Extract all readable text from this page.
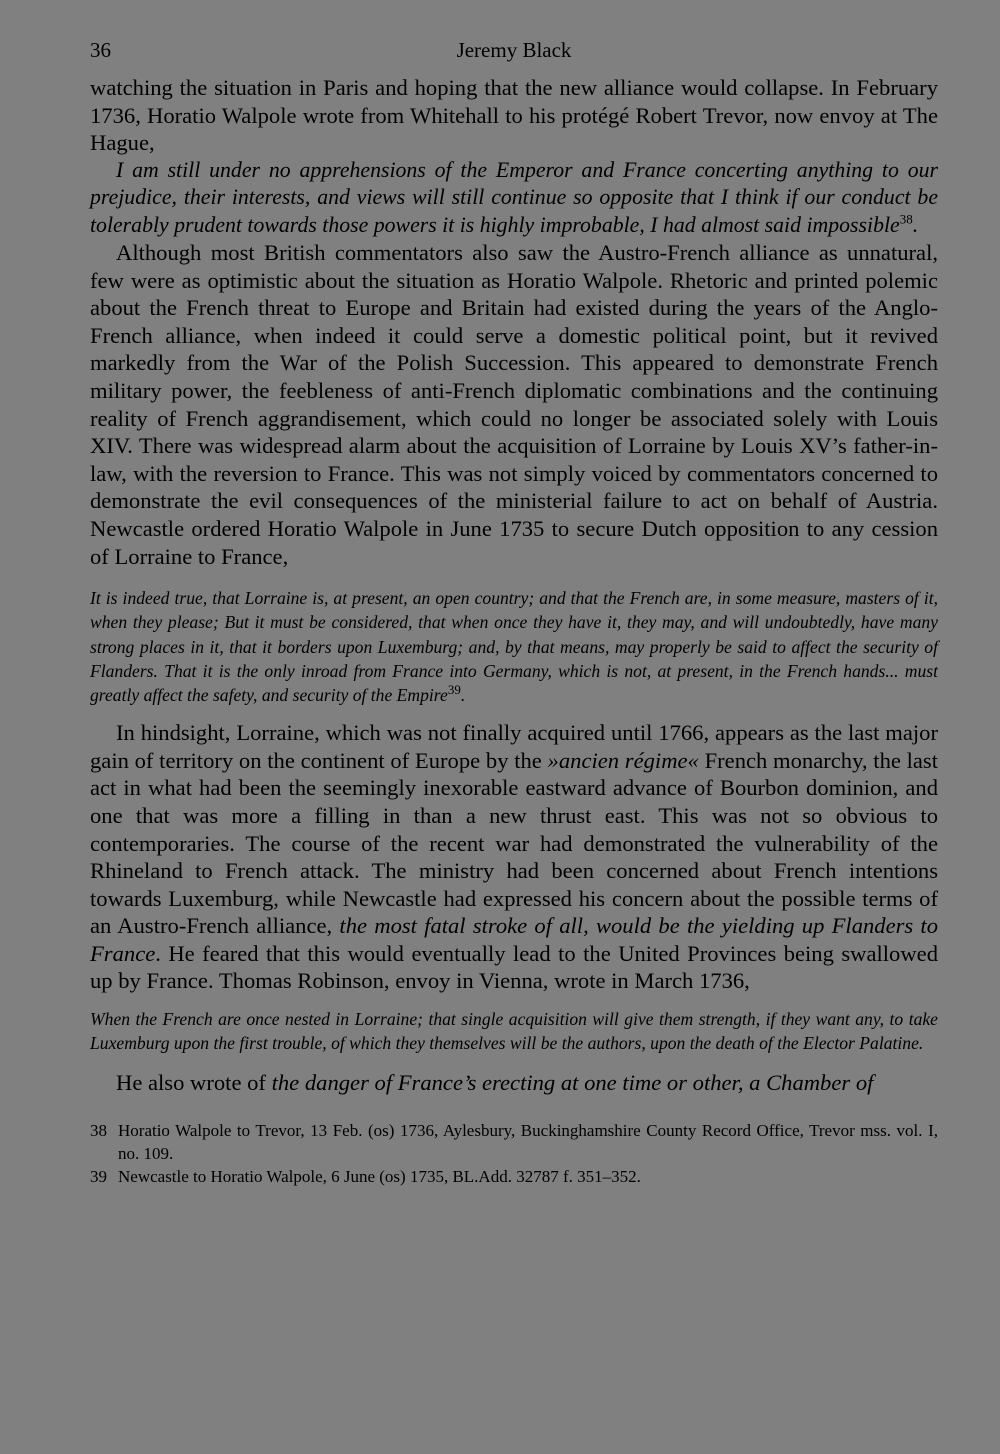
36	Jeremy Black

watching the situation in Paris and hoping that the new alliance would collapse. In February 1736, Horatio Walpole wrote from Whitehall to his protégé Robert Trevor, now envoy at The Hague,

I am still under no apprehensions of the Emperor and France concerting anything to our prejudice, their interests, and views will still continue so opposite that I think if our conduct be tolerably prudent towards those powers it is highly improbable, I had almost said impossible$^{38}$.

Although most British commentators also saw the Austro-French alliance as unnatural, few were as optimistic about the situation as Horatio Walpole. Rhetoric and printed polemic about the French threat to Europe and Britain had existed during the years of the Anglo-French alliance, when indeed it could serve a domestic political point, but it revived markedly from the War of the Polish Succession. This appeared to demonstrate French military power, the feebleness of anti-French diplomatic combinations and the continuing reality of French aggrandisement, which could no longer be associated solely with Louis XIV. There was widespread alarm about the acquisition of Lorraine by Louis XV’s father-in-law, with the reversion to France. This was not simply voiced by commentators concerned to demonstrate the evil consequences of the ministerial failure to act on behalf of Austria. Newcastle ordered Horatio Walpole in June 1735 to secure Dutch opposition to any cession of Lorraine to France,

It is indeed true, that Lorraine is, at present, an open country; and that the French are, in some measure, masters of it, when they please; But it must be considered, that when once they have it, they may, and will undoubtedly, have many strong places in it, that it borders upon Luxemburg; and, by that means, may properly be said to affect the security of Flanders. That it is the only inroad from France into Germany, which is not, at present, in the French hands... must greatly affect the safety, and security of the Empire$^{39}$.

In hindsight, Lorraine, which was not finally acquired until 1766, appears as the last major gain of territory on the continent of Europe by the »ancien régime« French monarchy, the last act in what had been the seemingly inexorable eastward advance of Bourbon dominion, and one that was more a filling in than a new thrust east. This was not so obvious to contemporaries. The course of the recent war had demonstrated the vulnerability of the Rhineland to French attack. The ministry had been concerned about French intentions towards Luxemburg, while Newcastle had expressed his concern about the possible terms of an Austro-French alliance, the most fatal stroke of all, would be the yielding up Flanders to France. He feared that this would eventually lead to the United Provinces being swallowed up by France. Thomas Robinson, envoy in Vienna, wrote in March 1736,

When the French are once nested in Lorraine; that single acquisition will give them strength, if they want any, to take Luxemburg upon the first trouble, of which they themselves will be the authors, upon the death of the Elector Palatine.

He also wrote of the danger of France’s erecting at one time or other, a Chamber of

38 Horatio Walpole to Trevor, 13 Feb. (os) 1736, Aylesbury, Buckinghamshire County Record Office, Trevor mss. vol. I, no. 109.

39 Newcastle to Horatio Walpole, 6 June (os) 1735, BL.Add. 32787 f. 351–352.
